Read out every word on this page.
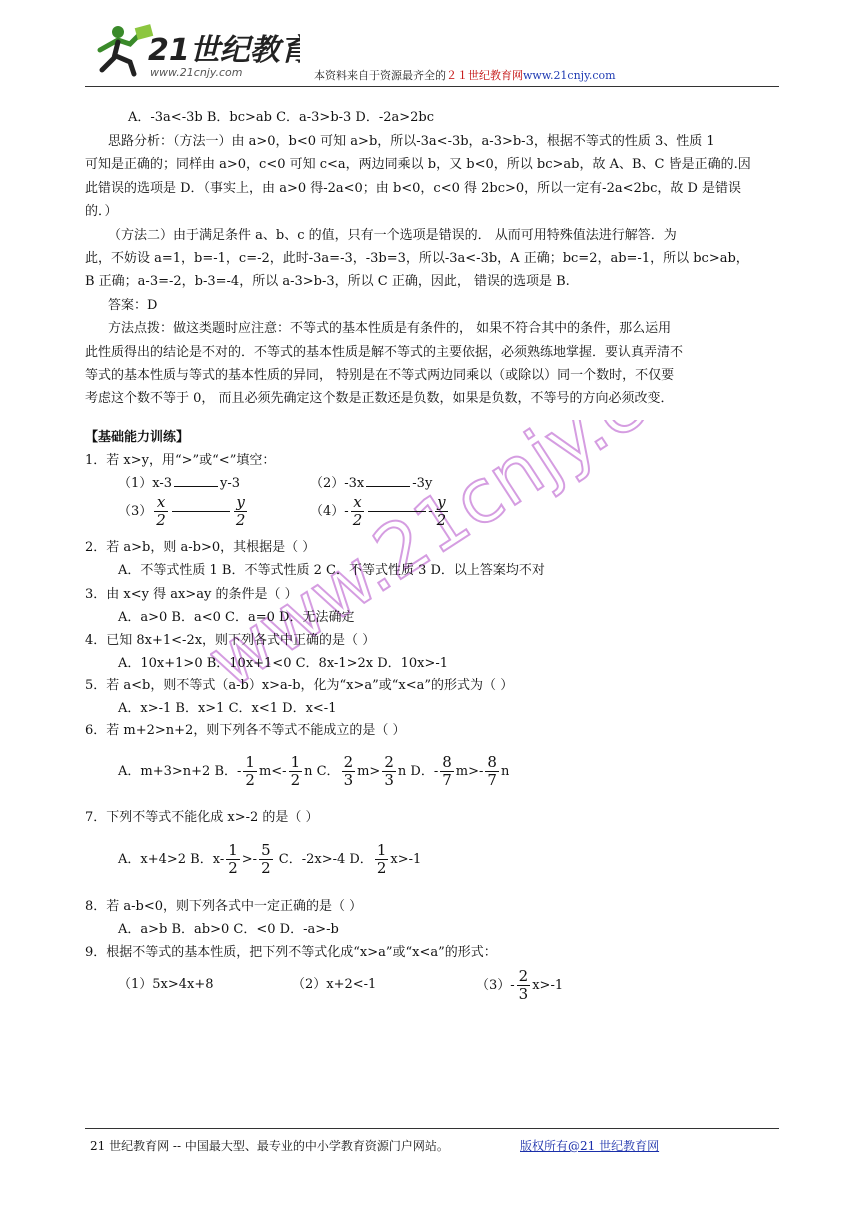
21世纪教育
www.21cnjy.com	本资料来自于资源最齐全的２１世纪教育网www.21cnjy.com
www.21cnjy.com
A．-3a<-3b B．bc>ab C．a-3>b-3 D．-2a>2bc
思路分析：（方法一）由 a>0，b<0 可知 a>b，所以-3a<-3b，a-3>b-3，根据不等式的性质 3、性质 1
可知是正确的；同样由 a>0，c<0 可知 c<a，两边同乘以 b，又 b<0，所以 bc>ab，故 A、B、C 皆是正确的.因
此错误的选项是 D．（事实上，由 a>0 得-2a<0；由 b<0，c<0 得 2bc>0，所以一定有-2a<2bc，故 D 是错误
的．）
（方法二）由于满足条件 a、b、c 的值，只有一个选项是错误的． 从而可用特殊值法进行解答．为
此，不妨设 a=1，b=-1，c=-2，此时-3a=-3，-3b=3，所以-3a<-3b，A 正确；bc=2，ab=-1，所以 bc>ab，
B 正确；a-3=-2，b-3=-4，所以 a-3>b-3，所以 C 正确，因此， 错误的选项是 B.
答案：D
方法点拨：做这类题时应注意：不等式的基本性质是有条件的， 如果不符合其中的条件，那么运用
此性质得出的结论是不对的．不等式的基本性质是解不等式的主要依据，必须熟练地掌握．要认真弄清不
等式的基本性质与等式的基本性质的异同， 特别是在不等式两边同乘以（或除以）同一个数时，不仅要
考虑这个数不等于 0， 而且必须先确定这个数是正数还是负数，如果是负数，不等号的方向必须改变．
【基础能力训练】
1．若 x>y，用“>”或“<”填空：
（1）x-3	y-3	（2）-3x	-3y
$(3) \frac{x}{2}$	$\frac{y}{2}$	$(4)- \frac{x}{2}$	- $\frac{y}{2}$
2．若 a>b，则 a-b>0，其根据是（ ）
A．不等式性质 1 B．不等式性质 2 C．不等式性质 3 D．以上答案均不对
3．由 x<y 得 ax>ay 的条件是（ ）
A．a>0 B．a<0 C．a=0 D．无法确定
4．已知 8x+1<-2x，则下列各式中正确的是（ ）
A．10x+1>0 B．10x+1<0 C．8x-1>2x D．10x>-1
5．若 a<b，则不等式（a-b）x>a-b，化为“x>a”或“x<a”的形式为（ ）
A．x>-1 B．x>1 C．x<1 D．x<-1
6．若 m+2>n+2，则下列各不等式不能成立的是（ ）
A．m+3>n+2 B．- $\frac{1}{2} m<- \frac{1}{2}$ n C． $\frac{2}{3} m> \frac{2}{3}$ n D．- $\frac{8}{7} m>- \frac{8}{7}$ n
7．下列不等式不能化成 x>-2 的是（ ）
A．x+4>2 B．$x- \frac{1}{2} >- \frac{5}{2}$ C．-2x>-4 D． $\frac{1}{2} x>-1$
8．若 a-b<0，则下列各式中一定正确的是（ ）
A．a>b B．ab>0 C．<0 D．-a>-b
9．根据不等式的基本性质，把下列不等式化成“x>a”或“x<a”的形式：
（1）5x>4x+8	（2）x+2<-1	$(3)- \frac{2}{3} x>-1$
21 世纪教育网 -- 中国最大型、最专业的中小学教育资源门户网站。	版权所有@21 世纪教育网
